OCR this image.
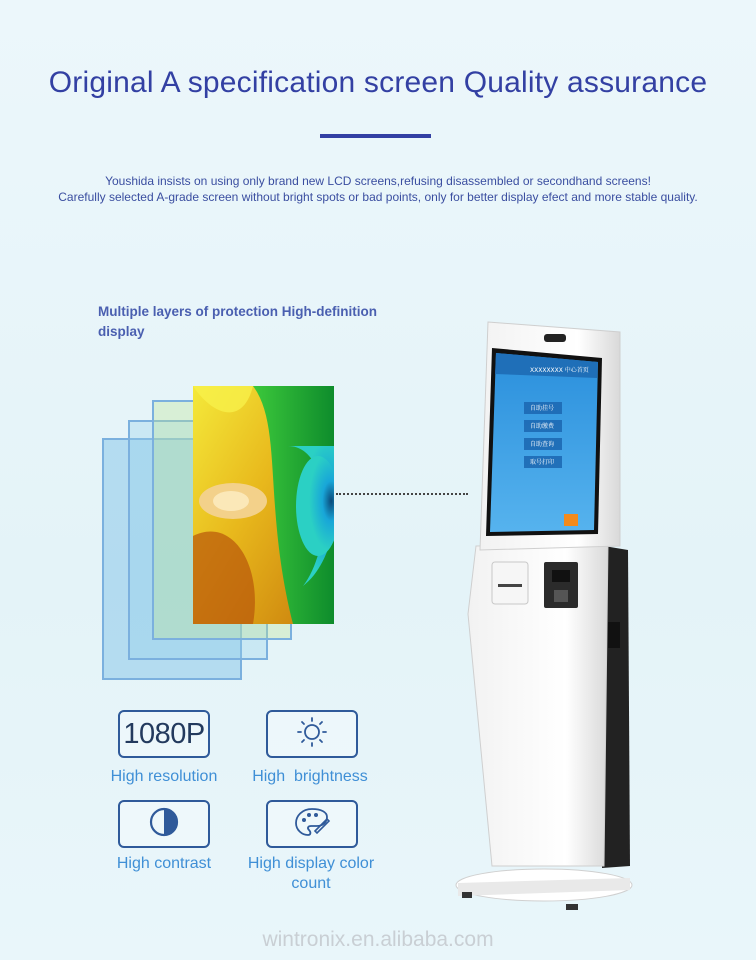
Original A specification screen Quality assurance
Youshida insists on using only brand new LCD screens,refusing disassembled or secondhand screens!
Carefully selected A-grade screen without bright spots or bad points, only for better display efect and more stable quality.
Multiple layers of protection High-definition display
XXXXXXXX 中心首页
自助挂号
自助缴费
自助查询
取号打印
1080P
High resolution	High  brightness
High contrast	High display color count
wintronix.en.alibaba.com
